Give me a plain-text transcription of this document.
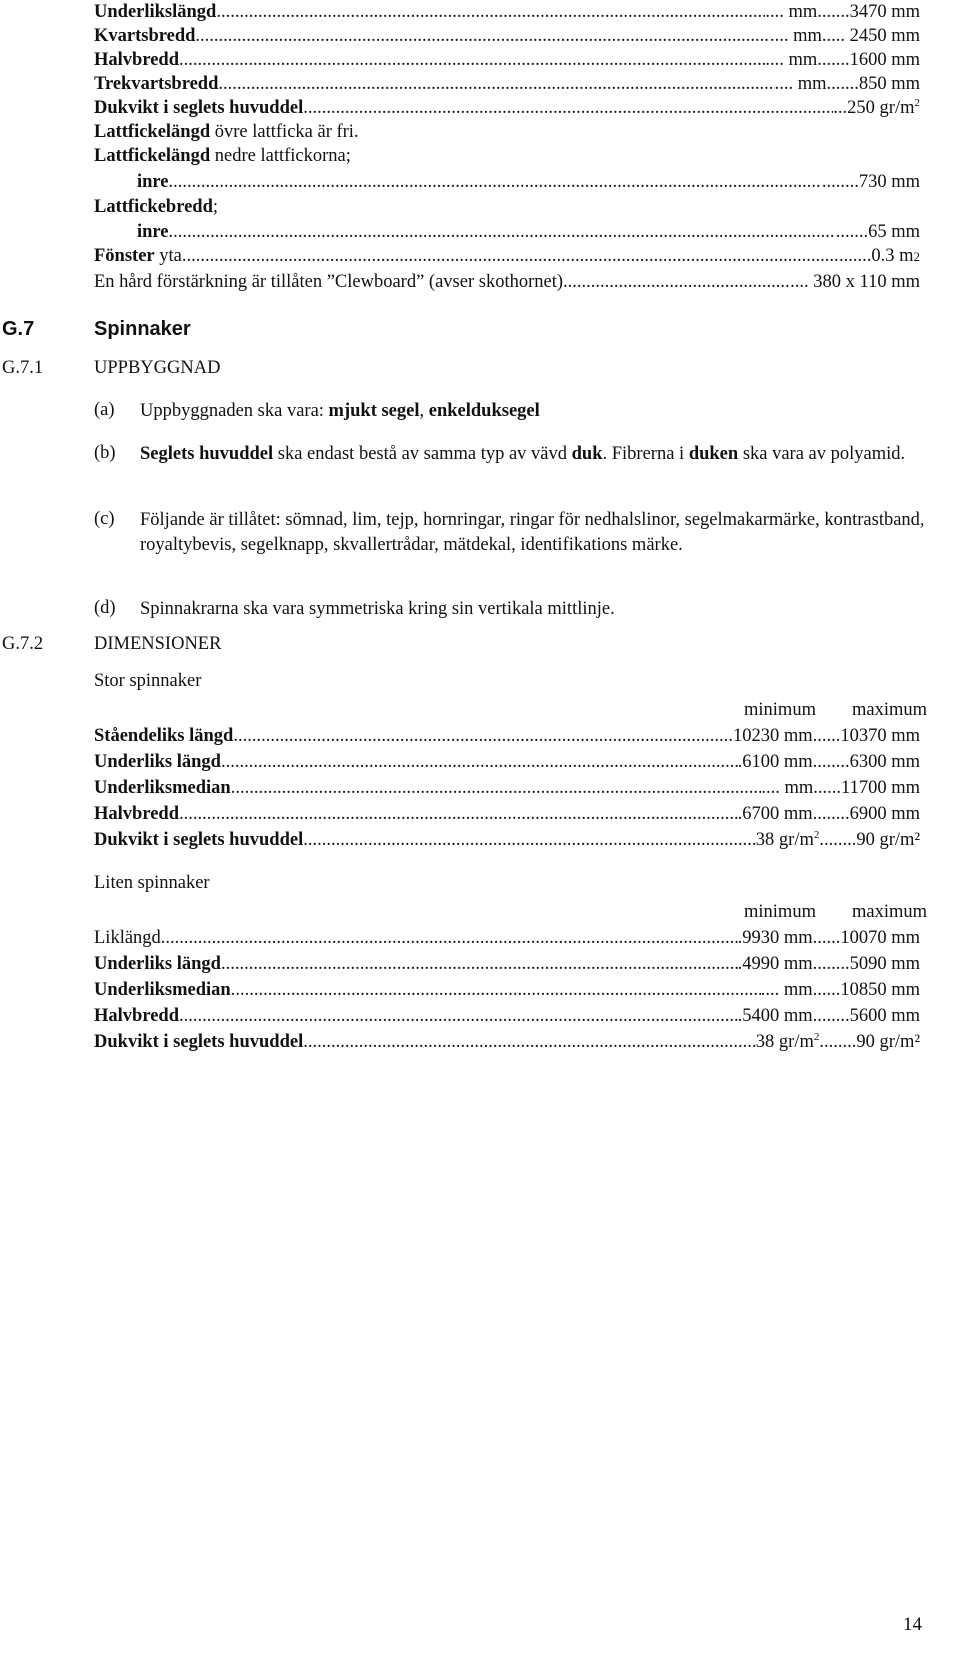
Underlikslängd .....	.... mm.......3470 mm
Kvartsbredd .....	.... mm..... 2450 mm
Halvbredd .....	.... mm.......1600 mm
Trekvartsbredd .....	.... mm.......850 mm
Dukvikt i seglets huvuddel .....	...250 $gr/m^2$
Lattfickelängd övre lattficka är fri.
Lattfickelängd nedre lattfickorna;
inre .....	........730 mm
Lattfickebredd;
inre .....	.......65 mm
Fönster yta .....	.......0.3 m2
En hård förstärkning är tillåten ”Clewboard” (avser skothornet). .....	.... 380 x 110 mm
G.7	Spinnaker
G.7.1	UPPBYGGNAD
(a) Uppbyggnaden ska vara: mjukt segel, enkelduksegel
(b) Seglets huvuddel ska endast bestå av samma typ av vävd duk. Fibrerna i duken ska vara av polyamid.
(c) Följande är tillåtet: sömnad, lim, tejp, hornringar, ringar för nedhalslinor, segelmakarmärke, kontrastband, royaltybevis, segelknapp, skvallertrådar, mätdekal, identifikations märke.
(d) Spinnakrarna ska vara symmetriska kring sin vertikala mittlinje.
G.7.2	DIMENSIONER
Stor spinnaker
minimum maximum
Ståendeliks längd .....	.10230 mm......10370 mm
Underliks längd .....	.6100 mm........6300 mm
Underliksmedian .....	.... mm......11700 mm
Halvbredd .....	.6700 mm........6900 mm
Dukvikt i seglets huvuddel .....	38 $gr/m^2........90$ gr/m²
Liten spinnaker
minimum maximum
Liklängd .....	.9930 mm......10070 mm
Underliks längd .....	.4990 mm........5090 mm
Underliksmedian .....	.... mm......10850 mm
Halvbredd .....	.5400 mm........5600 mm
Dukvikt i seglets huvuddel .....	38 $gr/m^2........90$ gr/m²
14
